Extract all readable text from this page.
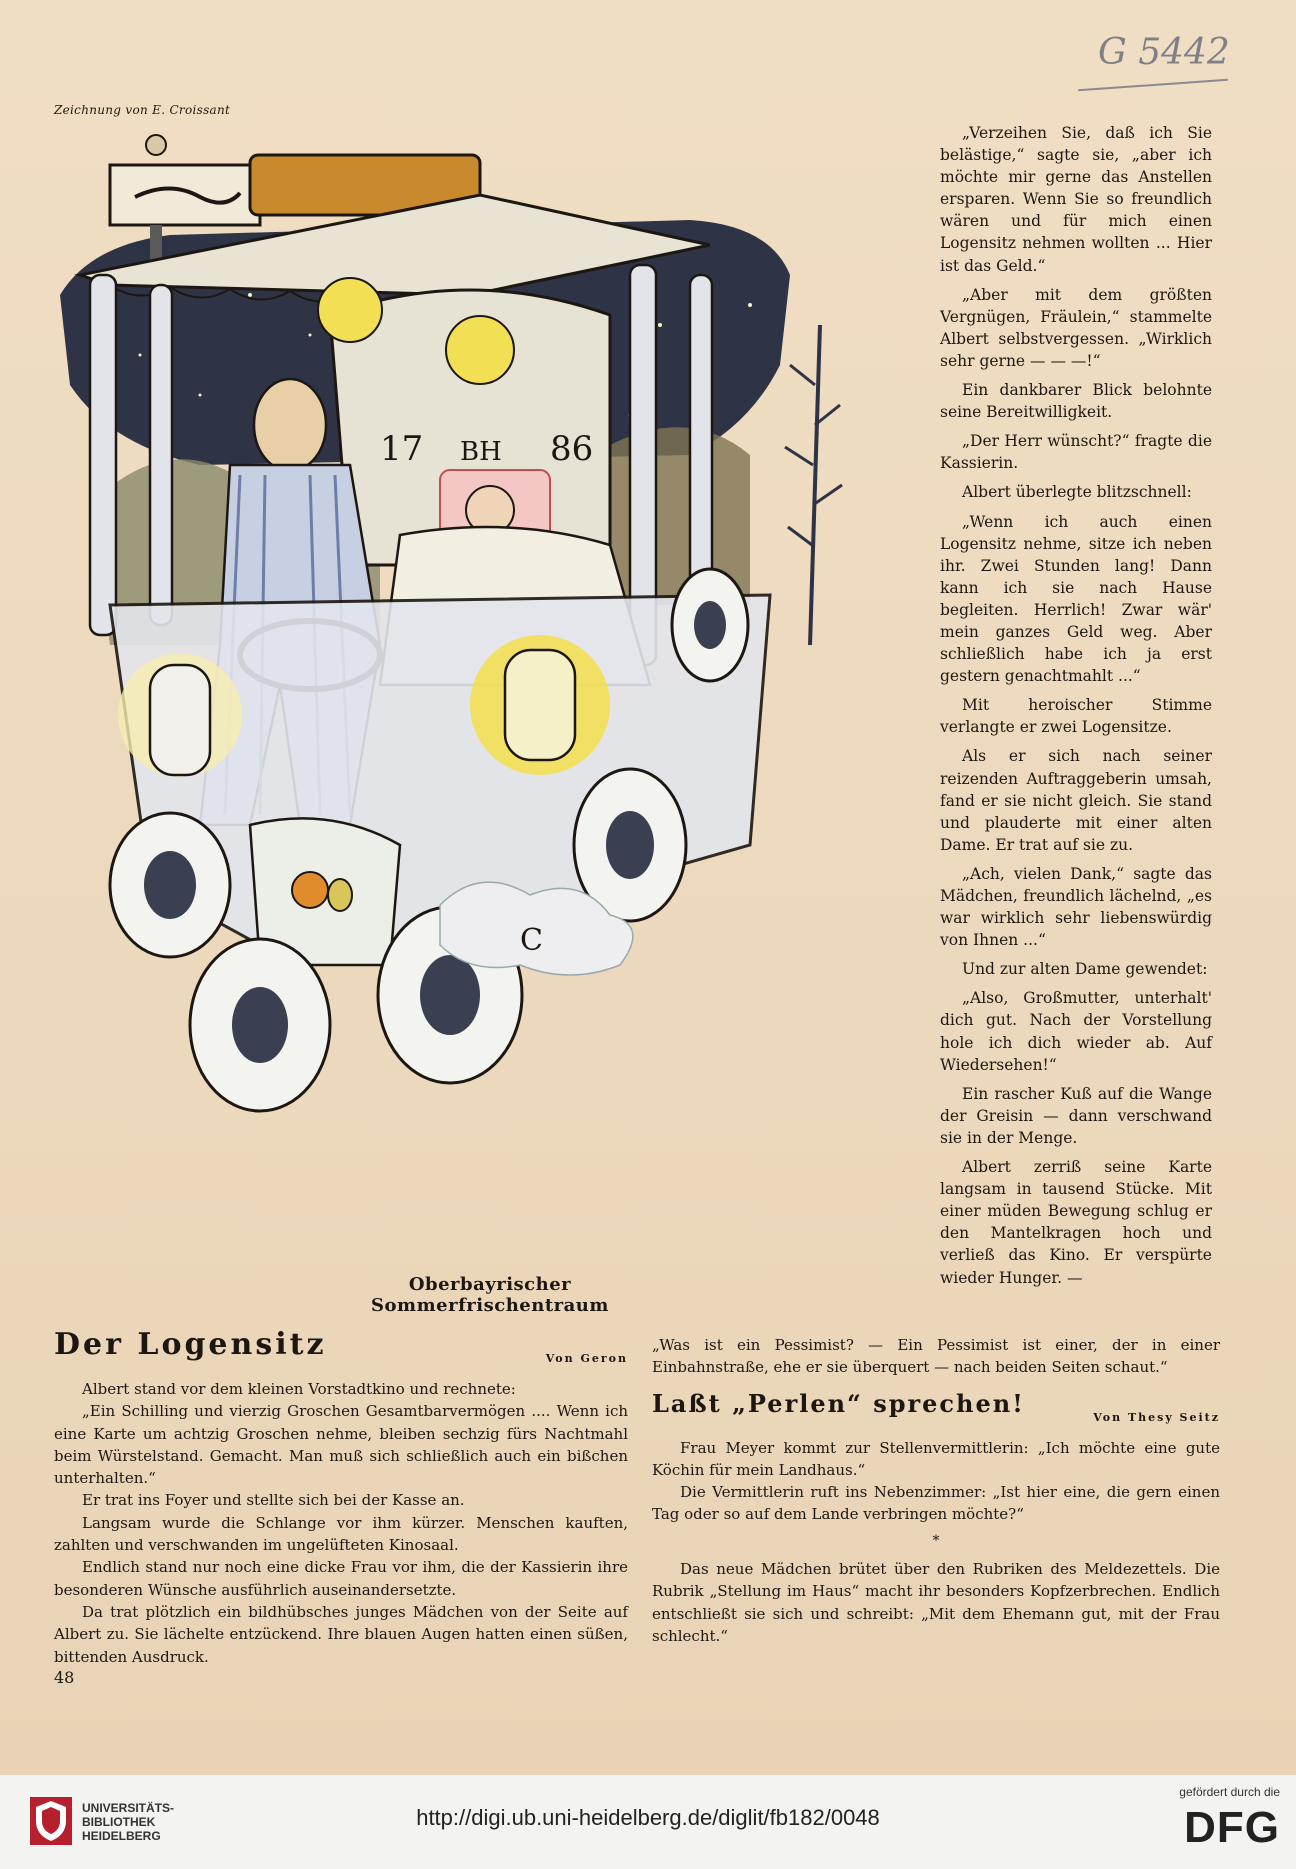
G 5442
Zeichnung von E. Croissant
17 BH 86
C
Oberbayrischer Sommerfrischentraum

„Verzeihen Sie, daß ich Sie belästige,“ sagte sie, „aber ich möchte mir gerne das Anstellen ersparen. Wenn Sie so freundlich wären und für mich einen Logensitz nehmen wollten ... Hier ist das Geld.“

„Aber mit dem größten Vergnügen, Fräulein,“ stammelte Albert selbstvergessen. „Wirklich sehr gerne — — —!“

Ein dankbarer Blick belohnte seine Bereitwilligkeit.

„Der Herr wünscht?“ fragte die Kassierin.

Albert überlegte blitzschnell:

„Wenn ich auch einen Logensitz nehme, sitze ich neben ihr. Zwei Stunden lang! Dann kann ich sie nach Hause begleiten. Herrlich! Zwar wär' mein ganzes Geld weg. Aber schließlich habe ich ja erst gestern genachtmahlt ...“

Mit heroischer Stimme verlangte er zwei Logensitze.

Als er sich nach seiner reizenden Auftraggeberin umsah, fand er sie nicht gleich. Sie stand und plauderte mit einer alten Dame. Er trat auf sie zu.

„Ach, vielen Dank,“ sagte das Mädchen, freundlich lächelnd, „es war wirklich sehr liebenswürdig von Ihnen ...“

Und zur alten Dame gewendet:

„Also, Großmutter, unterhalt' dich gut. Nach der Vorstellung hole ich dich wieder ab. Auf Wiedersehen!“

Ein rascher Kuß auf die Wange der Greisin — dann verschwand sie in der Menge.

Albert zerriß seine Karte langsam in tausend Stücke. Mit einer müden Bewegung schlug er den Mantelkragen hoch und verließ das Kino. Er verspürte wieder Hunger. —

Der Logensitz	Von Geron

Albert stand vor dem kleinen Vorstadtkino und rechnete:

„Ein Schilling und vierzig Groschen Gesamtbarvermögen .... Wenn ich eine Karte um achtzig Groschen nehme, bleiben sechzig fürs Nachtmahl beim Würstelstand. Gemacht. Man muß sich schließlich auch ein bißchen unterhalten.“

Er trat ins Foyer und stellte sich bei der Kasse an.

Langsam wurde die Schlange vor ihm kürzer. Menschen kauften, zahlten und verschwanden im ungelüfteten Kinosaal.

Endlich stand nur noch eine dicke Frau vor ihm, die der Kassierin ihre besonderen Wünsche ausführlich auseinandersetzte.

Da trat plötzlich ein bildhübsches junges Mädchen von der Seite auf Albert zu. Sie lächelte entzückend. Ihre blauen Augen hatten einen süßen, bittenden Ausdruck.

„Was ist ein Pessimist? — Ein Pessimist ist einer, der in einer Einbahnstraße, ehe er sie überquert — nach beiden Seiten schaut.“

Laßt „Perlen“ sprechen!	Von Thesy Seitz

Frau Meyer kommt zur Stellenvermittlerin: „Ich möchte eine gute Köchin für mein Landhaus.“

Die Vermittlerin ruft ins Nebenzimmer: „Ist hier eine, die gern einen Tag oder so auf dem Lande verbringen möchte?“

*

Das neue Mädchen brütet über den Rubriken des Meldezettels. Die Rubrik „Stellung im Haus“ macht ihr besonders Kopfzerbrechen. Endlich entschließt sie sich und schreibt: „Mit dem Ehemann gut, mit der Frau schlecht.“

48
UNIVERSITÄTS-
BIBLIOTHEK
HEIDELBERG
http://digi.ub.uni-heidelberg.de/diglit/fb182/0048
gefördert durch die
DFG
